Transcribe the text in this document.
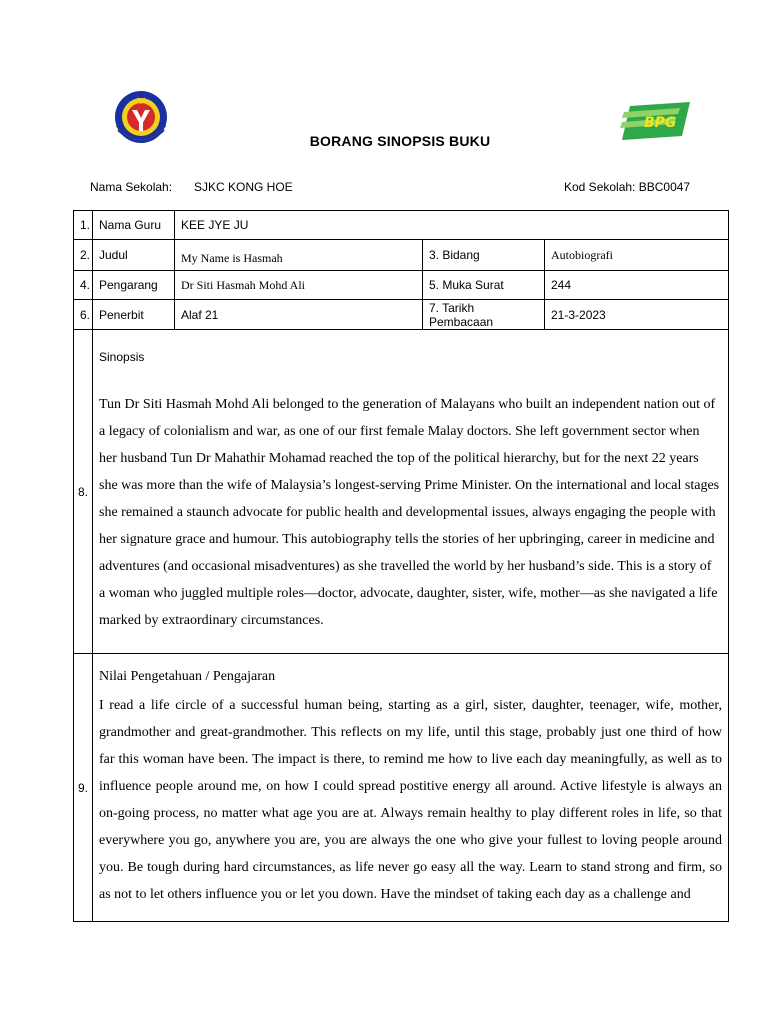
BPG
BORANG SINOPSIS BUKU
Nama Sekolah: SJKC KONG HOE	Kod Sekolah: BBC0047
1.	Nama Guru	KEE JYE JU		
2.	Judul	My Name is Hasmah	3. Bidang	Autobiografi
4.	Pengarang	Dr Siti Hasmah Mohd Ali	5. Muka Surat	244
6.	Penerbit	Alaf 21	7. Tarikh Pembacaan	21-3-2023
8.	Sinopsis
Tun Dr Siti Hasmah Mohd Ali belonged to the generation of Malayans who built an independent nation out of a legacy of colonialism and war, as one of our first female Malay doctors. She left government sector when her husband Tun Dr Mahathir Mohamad reached the top of the political hierarchy, but for the next 22 years she was more than the wife of Malaysia’s longest-serving Prime Minister. On the international and local stages she remained a staunch advocate for public health and developmental issues, always engaging the people with her signature grace and humour. This autobiography tells the stories of her upbringing, career in medicine and adventures (and occasional misadventures) as she travelled the world by her husband’s side. This is a story of a woman who juggled multiple roles—doctor, advocate, daughter, sister, wife, mother—as she navigated a life marked by extraordinary circumstances.			

9.	Nilai Pengetahuan / Pengajaran
I read a life circle of a successful human being, starting as a girl, sister, daughter, teenager, wife, mother, grandmother and great-grandmother. This reflects on my life, until this stage, probably just one third of how far this woman have been. The impact is there, to remind me how to live each day meaningfully, as well as to influence people around me, on how I could spread postitive energy all around. Active lifestyle is always an on-going process, no matter what age you are at. Always remain healthy to play different roles in life, so that everywhere you go, anywhere you are, you are always the one who give your fullest to loving people around you. Be tough during hard circumstances, as life never go easy all the way. Learn to stand strong and firm, so as not to let others influence you or let you down. Have the mindset of taking each day as a challenge and			
